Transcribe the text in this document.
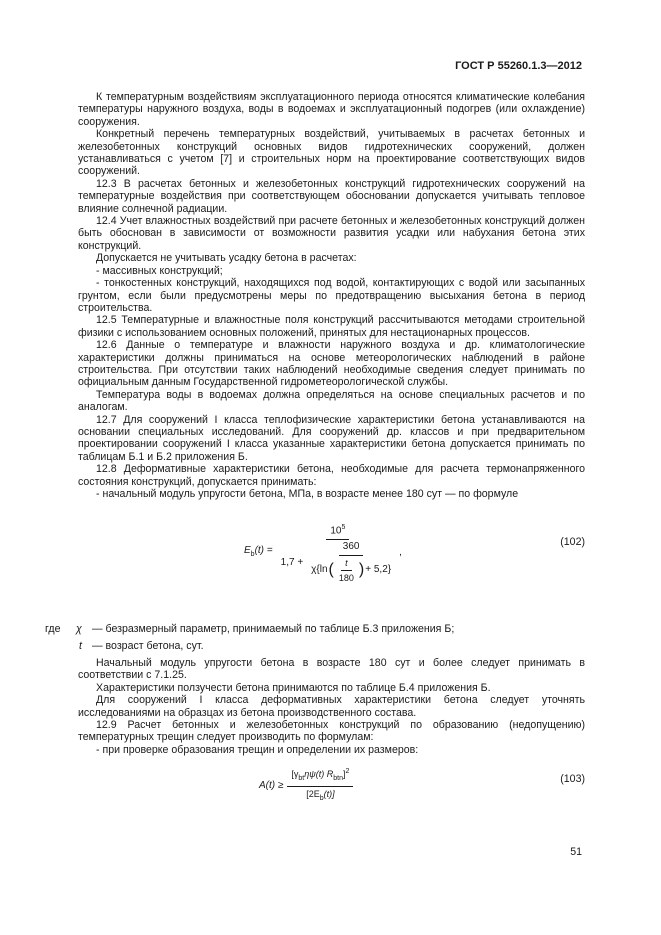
ГОСТ Р 55260.1.3—2012

К температурным воздействиям эксплуатационного периода относятся климатические колебания температуры наружного воздуха, воды в водоемах и эксплуатационный подогрев (или охлаждение) сооружения.

Конкретный перечень температурных воздействий, учитываемых в расчетах бетонных и железобетонных конструкций основных видов гидротехнических сооружений, должен устанавливаться с учетом [7] и строительных норм на проектирование соответствующих видов сооружений.

12.3 В расчетах бетонных и железобетонных конструкций гидротехнических сооружений на температурные воздействия при соответствующем обосновании допускается учитывать тепловое влияние солнечной радиации.

12.4 Учет влажностных воздействий при расчете бетонных и железобетонных конструкций должен быть обоснован в зависимости от возможности развития усадки или набухания бетона этих конструкций.

Допускается не учитывать усадку бетона в расчетах:

- массивных конструкций;

- тонкостенных конструкций, находящихся под водой, контактирующих с водой или засыпанных грунтом, если были предусмотрены меры по предотвращению высыхания бетона в период строительства.

12.5 Температурные и влажностные поля конструкций рассчитываются методами строительной физики с использованием основных положений, принятых для нестационарных процессов.

12.6 Данные о температуре и влажности наружного воздуха и др. климатологические характеристики должны приниматься на основе метеорологических наблюдений в районе строительства. При отсутствии таких наблюдений необходимые сведения следует принимать по официальным данным Государственной гидрометеорологической службы.

Температура воды в водоемах должна определяться на основе специальных расчетов и по аналогам.

12.7 Для сооружений I класса теплофизические характеристики бетона устанавливаются на основании специальных исследований. Для сооружений др. классов и при предварительном проектировании сооружений I класса указанные характеристики бетона допускается принимать по таблицам Б.1 и Б.2 приложения Б.

12.8 Деформативные характеристики бетона, необходимые для расчета термонапряженного состояния конструкций, допускается принимать:

- начальный модуль упругости бетона, МПа, в возрасте менее 180 сут — по формуле

$E_b(t)$ =
$10^5$
1,7 +
360
χ{ln ( $\frac{t}{180}$ ) + 5,2}
,
(102)
где χ — безразмерный параметр, принимаемый по таблице Б.3 приложения Б;
t — возраст бетона, сут.

Начальный модуль упругости бетона в возрасте 180 сут и более следует принимать в соответствии с 7.1.25.

Характеристики ползучести бетона принимаются по таблице Б.4 приложения Б.

Для сооружений I класса деформативных характеристики бетона следует уточнять исследованиями на образцах из бетона производственного состава.

12.9 Расчет бетонных и железобетонных конструкций по образованию (недопущению) температурных трещин следует производить по формулам:

- при проверке образования трещин и определении их размеров:

$A(t) \ge \frac{[\gamma_{bt}\eta\psi(t) R_{btn}]^2}{[2E_b(t)]}$	(103)
51
